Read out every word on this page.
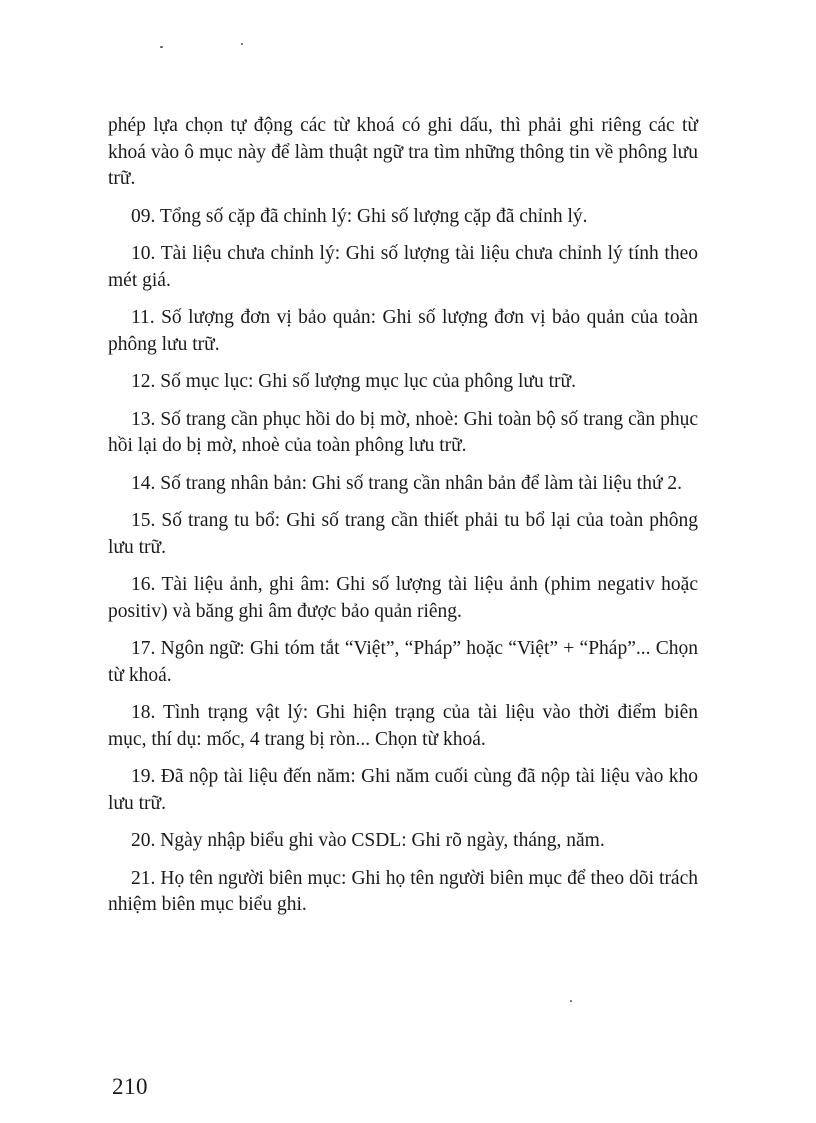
phép lựa chọn tự động các từ khoá có ghi dấu, thì phải ghi riêng các từ khoá vào ô mục này để làm thuật ngữ tra tìm những thông tin về phông lưu trữ.

09. Tổng số cặp đã chỉnh lý: Ghi số lượng cặp đã chỉnh lý.

10. Tài liệu chưa chỉnh lý: Ghi số lượng tài liệu chưa chỉnh lý tính theo mét giá.

11. Số lượng đơn vị bảo quản: Ghi số lượng đơn vị bảo quản của toàn phông lưu trữ.

12. Số mục lục: Ghi số lượng mục lục của phông lưu trữ.

13. Số trang cần phục hồi do bị mờ, nhoè: Ghi toàn bộ số trang cần phục hồi lại do bị mờ, nhoè của toàn phông lưu trữ.

14. Số trang nhân bản: Ghi số trang cần nhân bản để làm tài liệu thứ 2.

15. Số trang tu bổ: Ghi số trang cần thiết phải tu bổ lại của toàn phông lưu trữ.

16. Tài liệu ảnh, ghi âm: Ghi số lượng tài liệu ảnh (phim negativ hoặc positiv) và băng ghi âm được bảo quản riêng.

17. Ngôn ngữ: Ghi tóm tắt “Việt”, “Pháp” hoặc “Việt” + “Pháp”... Chọn từ khoá.

18. Tình trạng vật lý: Ghi hiện trạng của tài liệu vào thời điểm biên mục, thí dụ: mốc, 4 trang bị ròn... Chọn từ khoá.

19. Đã nộp tài liệu đến năm: Ghi năm cuối cùng đã nộp tài liệu vào kho lưu trữ.

20. Ngày nhập biểu ghi vào CSDL: Ghi rõ ngày, tháng, năm.

21. Họ tên người biên mục: Ghi họ tên người biên mục để theo dõi trách nhiệm biên mục biểu ghi.

210
